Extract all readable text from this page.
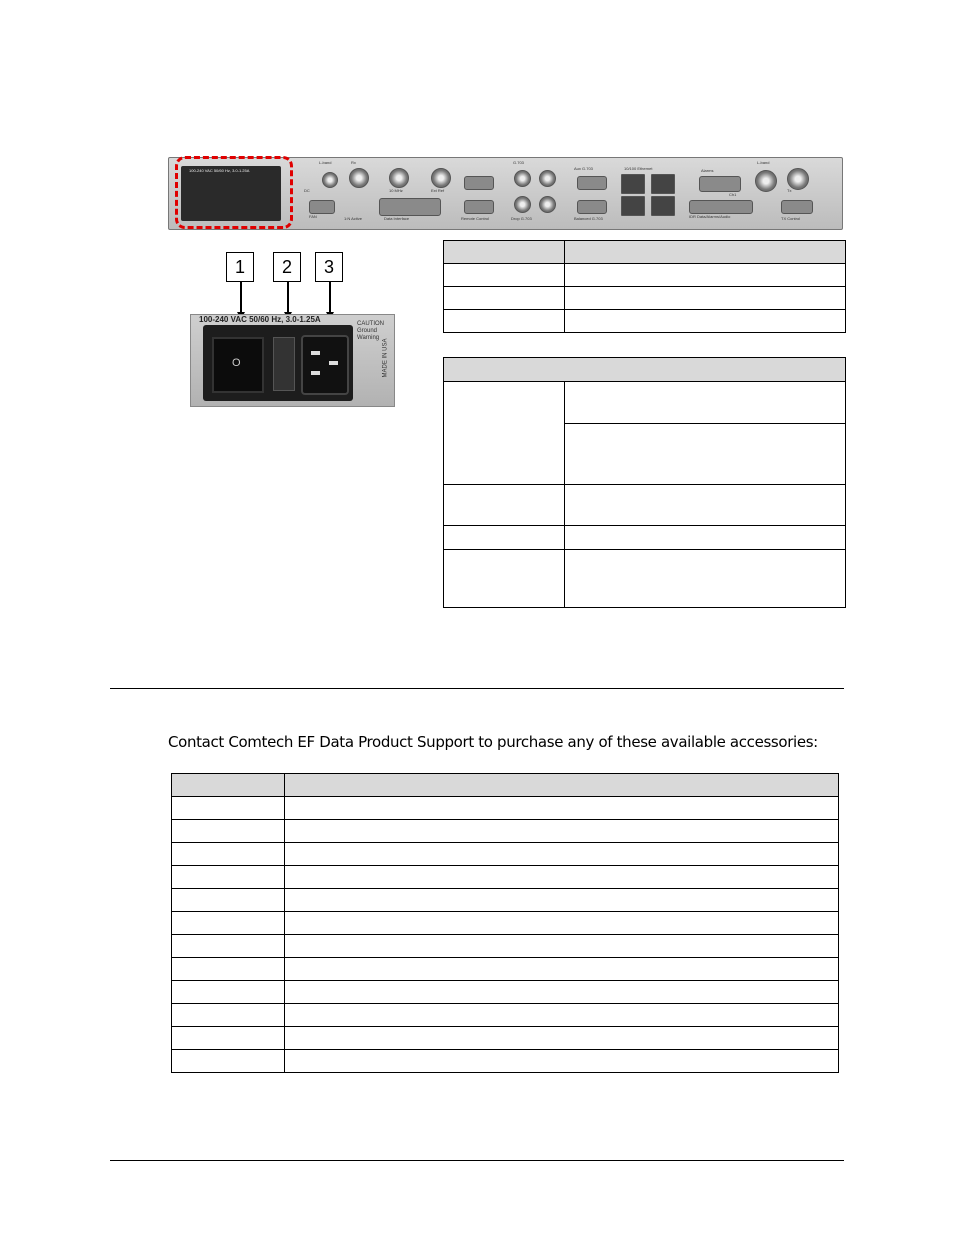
100-240 VAC 50/60 Hz, 3.0-1.25A
L-band	Rx
10 MHz	Ext Ref
G.703
Aux G.703	10/100 Ethernet	Alarms
L-band
Tx
FAN	1:N Active	Data Interface	Remote Control	Drop G.703	Balanced G.703	IDR Data/Alarms/Audio	TX Control
DC
Ch1
1	2	3
100-240 VAC 50/60 Hz, 3.0-1.25A
O
CAUTION Ground Warning
MADE IN USA

Contact Comtech EF Data Product Support to purchase any of these available accessories:
